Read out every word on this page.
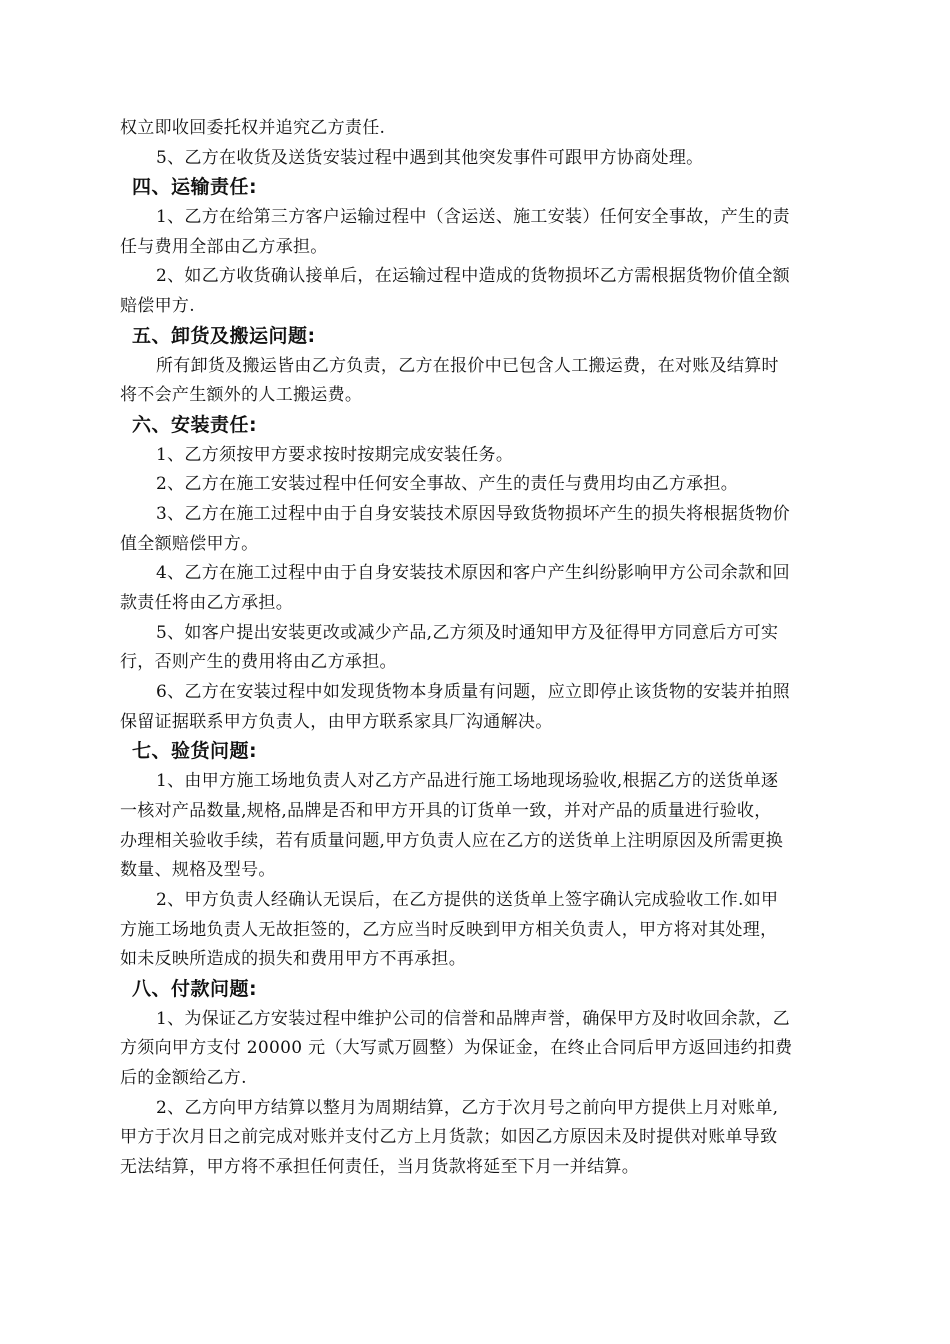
权立即收回委托权并追究乙方责任.
5、乙方在收货及送货安装过程中遇到其他突发事件可跟甲方协商处理。
四、运输责任:
1、乙方在给第三方客户运输过程中（含运送、施工安装）任何安全事故，产生的责
任与费用全部由乙方承担。
2、如乙方收货确认接单后，在运输过程中造成的货物损坏乙方需根据货物价值全额
赔偿甲方.
五、卸货及搬运问题:
所有卸货及搬运皆由乙方负责，乙方在报价中已包含人工搬运费，在对账及结算时
将不会产生额外的人工搬运费。
六、安装责任:
1、乙方须按甲方要求按时按期完成安装任务。
2、乙方在施工安装过程中任何安全事故、产生的责任与费用均由乙方承担。
3、乙方在施工过程中由于自身安装技术原因导致货物损坏产生的损失将根据货物价
值全额赔偿甲方。
4、乙方在施工过程中由于自身安装技术原因和客户产生纠纷影响甲方公司余款和回
款责任将由乙方承担。
5、如客户提出安装更改或减少产品,乙方须及时通知甲方及征得甲方同意后方可实
行，否则产生的费用将由乙方承担。
6、乙方在安装过程中如发现货物本身质量有问题，应立即停止该货物的安装并拍照
保留证据联系甲方负责人，由甲方联系家具厂沟通解决。
七、验货问题:
1、由甲方施工场地负责人对乙方产品进行施工场地现场验收,根据乙方的送货单逐
一核对产品数量,规格,品牌是否和甲方开具的订货单一致，并对产品的质量进行验收，
办理相关验收手续，若有质量问题,甲方负责人应在乙方的送货单上注明原因及所需更换
数量、规格及型号。
2、甲方负责人经确认无误后，在乙方提供的送货单上签字确认完成验收工作.如甲
方施工场地负责人无故拒签的，乙方应当时反映到甲方相关负责人，甲方将对其处理，
如未反映所造成的损失和费用甲方不再承担。
八、付款问题:
1、为保证乙方安装过程中维护公司的信誉和品牌声誉，确保甲方及时收回余款，乙
方须向甲方支付 20000 元（大写贰万圆整）为保证金，在终止合同后甲方返回违约扣费
后的金额给乙方.
2、乙方向甲方结算以整月为周期结算，乙方于次月号之前向甲方提供上月对账单,
甲方于次月日之前完成对账并支付乙方上月货款；如因乙方原因未及时提供对账单导致
无法结算，甲方将不承担任何责任，当月货款将延至下月一并结算。
